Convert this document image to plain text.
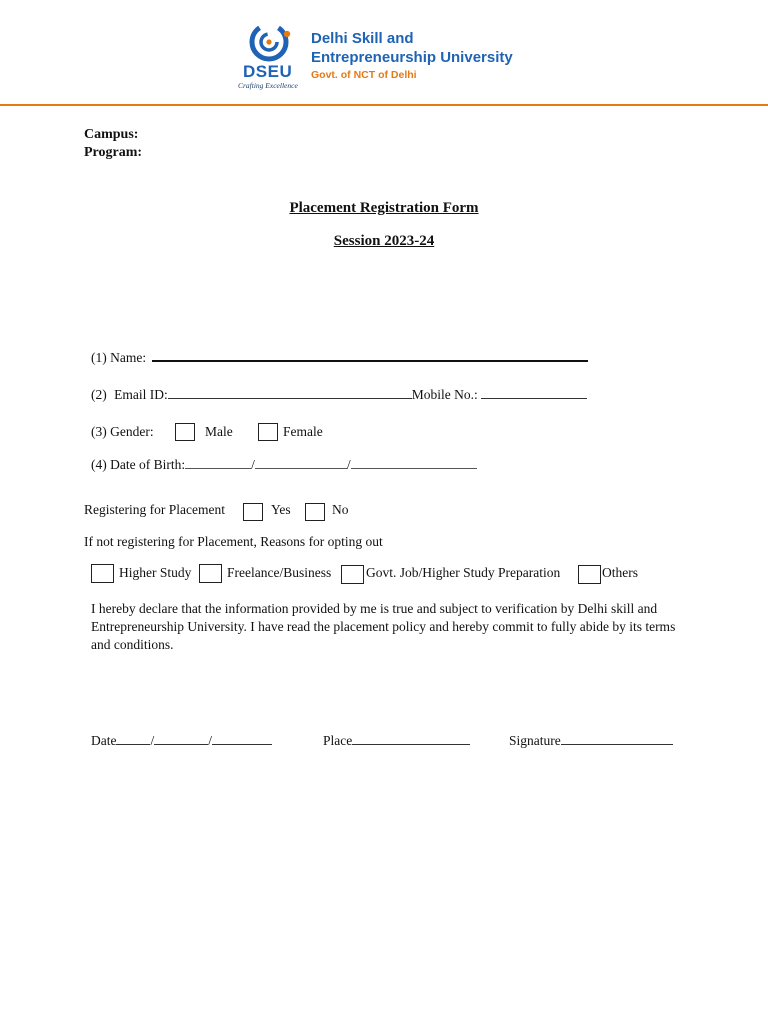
DSEU
Crafting Excellence
Delhi Skill and
Entrepreneurship University
Govt. of NCT of Delhi
Campus:
Program:
Placement Registration Form
Session 2023-24
(1) Name:
(2) Email ID:	Mobile No.:
(3) Gender:	Male	Female
(4) Date of Birth:	/	/
Registering for Placement	Yes	No
If not registering for Placement, Reasons for opting out
Higher Study	Freelance/Business	Govt. Job/Higher Study Preparation	Others
I hereby declare that the information provided by me is true and subject to verification by Delhi skill and Entrepreneurship University. I have read the placement policy and hereby commit to fully abide by its terms and conditions.
Date	/	/	Place	Signature
